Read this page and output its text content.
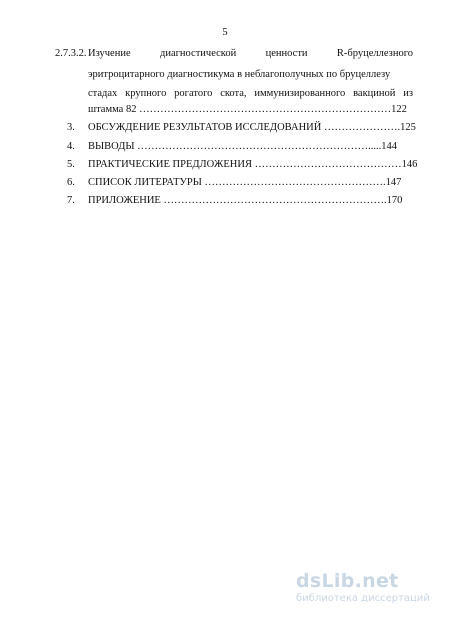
5
2.7.3.2. Изучение	диагностической	ценности	R-бруцеллезного
эритроцитарного диагностикума в неблагополучных по бруцеллезу
стадах крупного рогатого скота, иммунизированного вакциной из
штамма 82 ………………………………………………………………122
3. ОБСУЖДЕНИЕ РЕЗУЛЬТАТОВ ИССЛЕДОВАНИЙ ………………….125
4. ВЫВОДЫ ………………………………………………………….....144
5. ПРАКТИЧЕСКИЕ ПРЕДЛОЖЕНИЯ ……………………………………146
6. СПИСОК ЛИТЕРАТУРЫ …………………………………………….147
7. ПРИЛОЖЕНИЕ ……………………………………………………….170
dsLib.net
библиотека диссертаций
